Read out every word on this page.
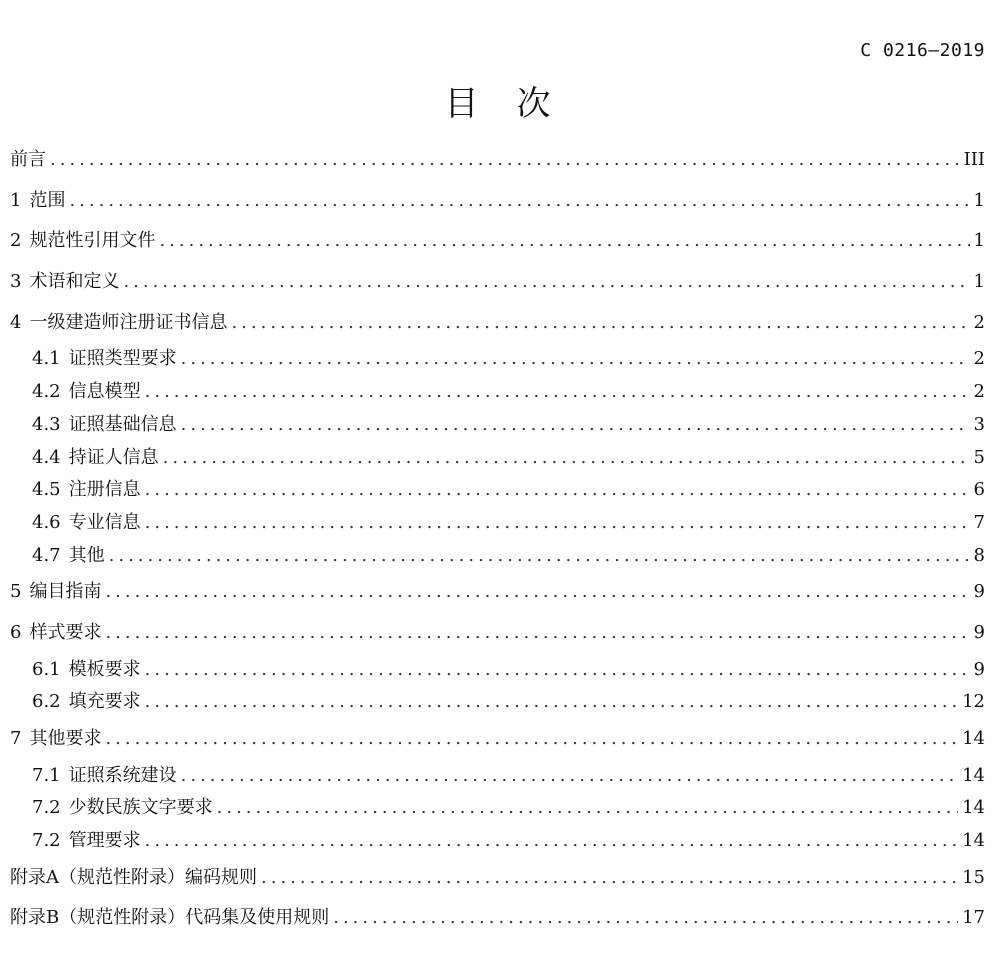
C 0216—2019
目　次
前言 .....	III
1 范围 .....	1
2 规范性引用文件 .....	1
3 术语和定义 .....	1
4 一级建造师注册证书信息 .....	2
4.1 证照类型要求 .....	2
4.2 信息模型 .....	2
4.3 证照基础信息 .....	3
4.4 持证人信息 .....	5
4.5 注册信息 .....	6
4.6 专业信息 .....	7
4.7 其他 .....	8
5 编目指南 .....	9
6 样式要求 .....	9
6.1 模板要求 .....	9
6.2 填充要求 .....	12
7 其他要求 .....	14
7.1 证照系统建设 .....	14
7.2 少数民族文字要求 .....	14
7.2 管理要求 .....	14
附录A（规范性附录）编码规则 .....	15
附录B（规范性附录）代码集及使用规则 .....	17
